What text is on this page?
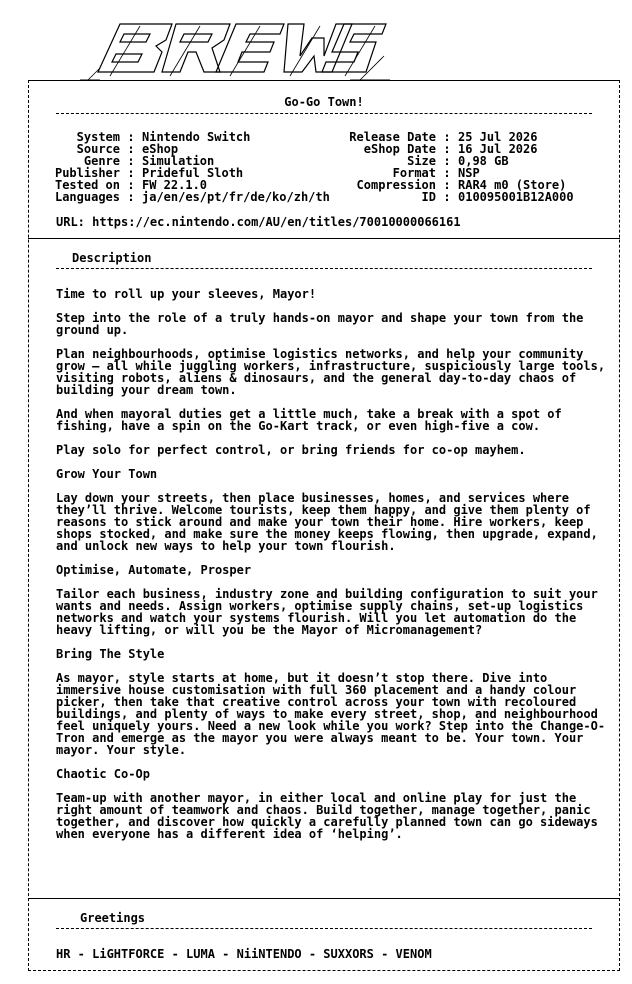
Go-Go Town!
System : Nintendo Switch
Source : eShop
Genre : Simulation
Publisher : Prideful Sloth
Tested on : FW 22.1.0
Languages : ja/en/es/pt/fr/de/ko/zh/th
Release Date : 25 Jul 2026
eShop Date : 16 Jul 2026
Size : 0,98 GB
Format : NSP
Compression : RAR4 m0 (Store)
ID : 010095001B12A000
URL: https://ec.nintendo.com/AU/en/titles/70010000066161
Description
Time to roll up your sleeves, Mayor!
Step into the role of a truly hands-on mayor and shape your town from the ground up.
Plan neighbourhoods, optimise logistics networks, and help your community grow – all while juggling workers, infrastructure, suspiciously large tools, visiting robots, aliens & dinosaurs, and the general day-to-day chaos of building your dream town.
And when mayoral duties get a little much, take a break with a spot of fishing, have a spin on the Go-Kart track, or even high-five a cow.
Play solo for perfect control, or bring friends for co-op mayhem.
Grow Your Town
Lay down your streets, then place businesses, homes, and services where they’ll thrive. Welcome tourists, keep them happy, and give them plenty of reasons to stick around and make your town their home. Hire workers, keep shops stocked, and make sure the money keeps flowing, then upgrade, expand, and unlock new ways to help your town flourish.
Optimise, Automate, Prosper
Tailor each business, industry zone and building configuration to suit your wants and needs. Assign workers, optimise supply chains, set-up logistics networks and watch your systems flourish. Will you let automation do the heavy lifting, or will you be the Mayor of Micromanagement?
Bring The Style
As mayor, style starts at home, but it doesn’t stop there. Dive into immersive house customisation with full 360 placement and a handy colour picker, then take that creative control across your town with recoloured buildings, and plenty of ways to make every street, shop, and neighbourhood feel uniquely yours. Need a new look while you work? Step into the Change-O-Tron and emerge as the mayor you were always meant to be. Your town. Your mayor. Your style.
Chaotic Co-Op
Team-up with another mayor, in either local and online play for just the right amount of teamwork and chaos. Build together, manage together, panic together, and discover how quickly a carefully planned town can go sideways when everyone has a different idea of ‘helping’.
Greetings
HR - LiGHTFORCE - LUMA - NiiNTENDO - SUXXORS - VENOM
